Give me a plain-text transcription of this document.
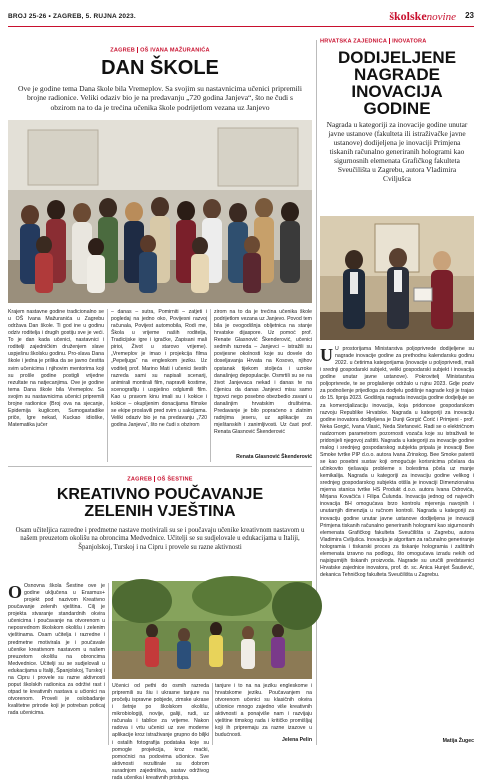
BROJ 25-26 • ZAGREB, 5. RUJNA 2023.	školskenovine 23
ZAGREB OŠ IVANA MAŽURANIĆA
DAN ŠKOLE

Ove je godine tema Dana škole bila Vremeplov. Sa svojim su nastavnicima učenici pripremili brojne radionice. Veliki odaziv bio je na predavanju „720 godina Janjeva“, što ne čudi s obzirom na to da je trećina učenika škole podrijetlom vezana uz Janjevo

Krajem nastavne godine tradicionalno se u OŠ Ivana Mažuranića u Zagrebu održava Dan škole. Ti god ine u godinu odziv roditelja i drugih gostiju sve je veći. To je dan kada učenici, nastavnici i roditelji zajedničkim druženjem slave uspješnu školsku godinu. Pro-slava Dana škole i jedna je prilika da se javno čestita svim učenicima i njihovim mentorima koji su prošle godine postigli vrijedne rezultate na natjecanjima. Ove je godine tema Dana škole bila Vremeplov. Sa svojim su nastavnicima učenici pripremili brojne radionice (Broj ova na sjecanje, Epidemija kuglicom, Sumogastadike priče, Igre nekad, Kuckao idioške, Matematika jučer

– danas – sutra, Pomirniti – zatjeti i pogledaj na jedno oko, Povijesni razvoj računala, Povijest automobila, Rodi me, Škola u vrijeme naših roditelja, Tradicijske igre i igračke, Zapisani mali pirioi, Život u starovo vrijeme). „Vremeplov je imao i projekcija filma „Pepeljuga“ na engleskom jeziku. Uz voditelj prof. Marino Mati i učenici šestih razreda sami su napisali scenarij, animirali montirali film, napravili kostime, scenografiju i uspješno odglumili film. Kao u pravom kinu imali su i kokice i kokice – okupljenim donacijama filmske se ekipe proslavili pred svim u sakcijama. Veliki odaziv bio je na predavanju „720 godina Janjeva“, što ne čudi s obzirom

zirom na to da je trećina učenika škole podrijetlom vezana uz Janjevo. Povod tem bila je ovogodišnja obljetnica na stanje hrvatske dijaspore. Uz pomoć prof. Renate Glasnović Škenderović, učenici sedmih razreda – Janjevci – istražili su povijesne okolnosti koje su dovele do doseljavanja Hrvata na Kosovo, njihov opstanak tijekom stoljeća i uzroke današnjeg depopulacije. Osmrtili su se na život Janjevaca nekad i danas te na čijenicu da danas Janjevci misu samo trgovci nego posebno obezbedio zavani u današnjim hrvatskim društvima. Predavanje je bilo popraćeno s zlatnim radnjima jeseru, uz aplikacije za mještanskih i zanimljivosti. Uz čast prof. Renata Glasnović Škenderović

Renata Glasnović Škenderović
HRVATSKA ZAJEDNICA INOVATORA
DODIJELJENE
NAGRADE
INOVACIJA
GODINE

Nagrada u kategoriji za inovacije godine unutar javne ustanove (fakulteta ili istraživačke javne ustanove) dodijeljena je inovaciji Primjena tiskanih računalno generiranih hologrami kao sigurnosnih elemenata Grafičkog fakulteta Sveučilišta u Zagrebu, autora Vladimira Cviljušca

U U prostorijama Ministarstva poljoprivrede dodijeljene su nagrade inovacije godine za prethodnu kalendarsku godinu 2022. u četirima kategorijama (inovacije u poljoprivredi, mali i srednji gospodarski subjekt, veliki gospodarski subjekt i inovacija godine unutar javne ustanove). Pokrovitelj Ministarstva poljoprivrede, te se proglašenje održalo u rujnu 2023. Gdje poziv za podnošenje prijedloga za dodjelu godišnje nagrade koji je trajao do 15. lipnja 2023. Godišnja nagrada inovacija godine dodjeljuje se za komercijalizaciju inovacija, koja pridonose gospodarskom razvoju Republike Hrvatske. Nagrada u kategoriji za inovaciju godine inovatora dodijeljena je Dunji Gorgić Čorić i Primjeni - prof. Neka Gorgić, Ivana Vlasić, Neda Stefanović. Radi se o električnom nadzornom parametrom pozornosti vozača koje su istraživali te pridonijeli njegovoj zaštiti. Nagrada u kategoriji za inovacije godine malog i srednjeg gospodarskog subjekta pripala je inovaciji Bee Smoke tvrtke PIP d.o.o. autora Ivana Zrinskog. Bee Smoke patenti se kao posebni sustav koji omogućuje korisnicima pčelara da učinkovito rješavaju probleme s bolestima pčela uz manje kemikalija. Nagrada u kategoriji za inovaciju godine velikog i srednjeg gospodarskog subjekta otišla je inovaciji Dimenzionalna mjerna stanica tvrtke HS Produkt d.o.o. autora Ivana Odrovića, Mirjana Kovačića i Filipa Čulunda. Inovacija jednog od najvećih inovacija BH omogućava brzo kontrolu mjerenja navojnih i unutarnjih dimenzija u ručnom kontroli. Nagrada u kategoriji za inovaciju godine unutar javne ustanove dodijeljena je inovaciji Primjena tiskanih računalno generiranih hologrami kao sigurnosnih elemenata Grafičkog fakulteta Sveučilišta u Zagrebu, autora Vladimira Cviljušca. Inovacija je algoritam za računalno generiranje hologramia i tiskarski proces za tiskanje hologramia i zaštitnih elemenata izravno na podlogu, što omogućava izradu nekih od najsigurnijih tiskanih proizvoda. Nagrade su uručili predstavnici Hrvatske zajednice inovatora, prof. dr. sc. Anica Hunjet Šaušević, dekanica Tehničkog fakulteta Sveučilišta u Zagrebu.

Matija Žugec
ZAGREB OŠ ŠESTINE
KREATIVNO POUČAVANJE
ZELENIH VJEŠTINA

Osam učiteljica razredne i predmetne nastave motivirali su se i poučavaju učenike kreativnom nastavom u našem preuzetom okolišu na obroncima Medvednice. Učitelji se su sudjelovale u edukacijama u Italiji, Španjolskoj, Turskoj i na Cipru i provele su razne aktivnosti

O Osnovna škola Šestine ove je godine uključena u Erasmus+ projekt pod nazivom Kreativno poučavanje zelenih vještina. Cilj je projekta stvaranje standardnih okvira učenicima i poučavanje na otvorenom u neposrednom školskom okolišu i zelenim vještinama. Osam učitelja i razredne i predmetne motivirala je i poučavale učenike kreativnom nastavom u našem preuzetom okolišu na obroncima Medvednice. Učitelji su se sudjelovali u edukacijama u Italiji, Španjolskoj, Turskoj i na Cipru i provele su razne aktivnosti poput školskih radionica za održivi rast i otpad te kreativnih nastava u učionici na otvorenom. Proveli je oslobađanje kvalitetne prirode koji je potreban poticaj rada učenicima.

Učenici od pethi do osmih razreda pripremili su šiu i ukrasne tanjure na pročelju ispravne pobjede, zimske ukrase i šetnje po školskom okolišu, mikrobiologiji, novije, galiji, rudi, uz računala i tablice za vrijeme. Nakon radova i vrtu učenici uz sve moderne aplikacije kroz istraživanje grupno do biljki i ostalih fotografija podataka koje su pomogle projekcija, kroz maćki, pomoćnici na podovima učionice. Sve aktivnosti rezultirale su dobrom suradnjom zajedništva, sastav održivog rada učenika i kreativnih pristupa.

tanjure i to na na jeziku engleskome i hrvatskome jeziku. Poučavanjem na otvorenom učenici su klasičnih okvira učionice mnogo zajedno više kreativnih aktivnosti a ponajviše nam i razvijaju vještine timskog rada i kritičko promišljaj koji ih pripremaju za razne izazove u budućnosti.

Jelena Pelin
